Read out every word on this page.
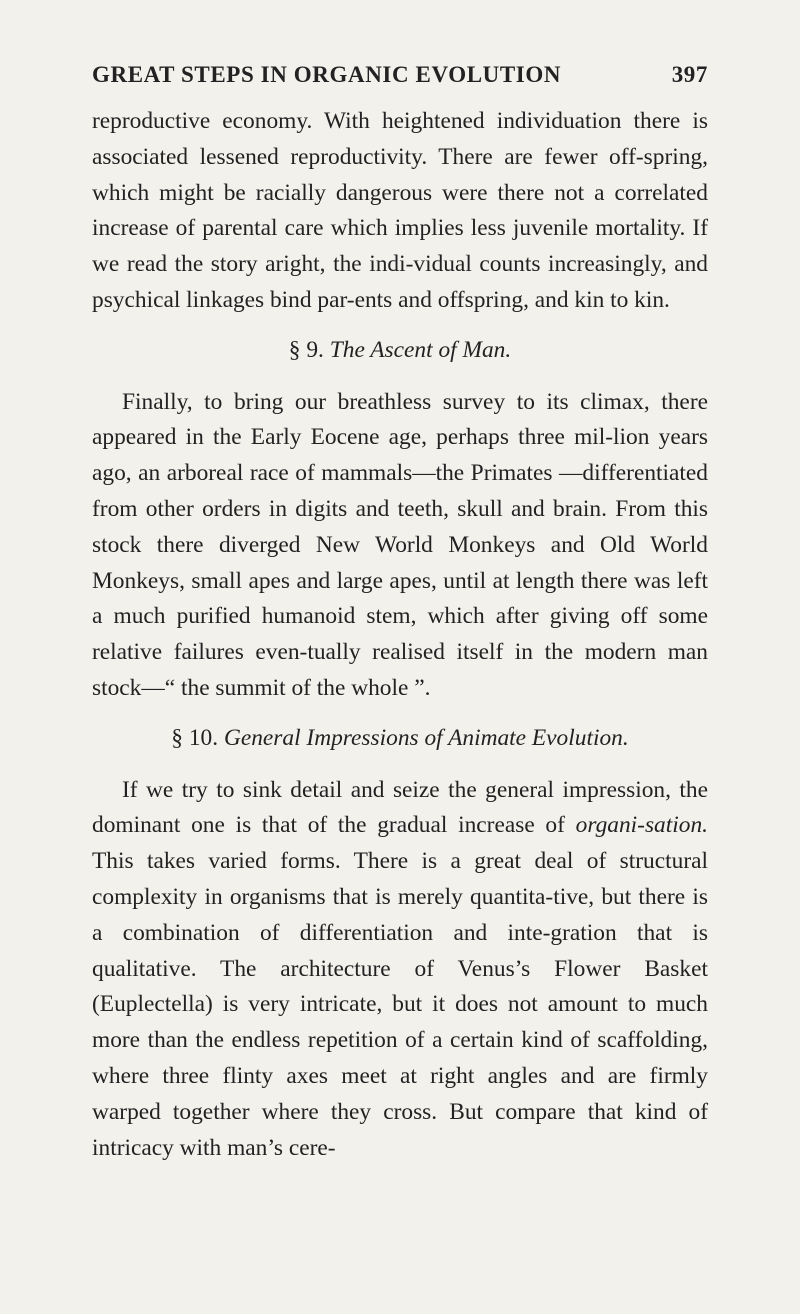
GREAT STEPS IN ORGANIC EVOLUTION	397

reproductive economy. With heightened individuation there is associated lessened reproductivity. There are fewer off-spring, which might be racially dangerous were there not a correlated increase of parental care which implies less juvenile mortality. If we read the story aright, the indi-vidual counts increasingly, and psychical linkages bind par-ents and offspring, and kin to kin.

§ 9. The Ascent of Man.

Finally, to bring our breathless survey to its climax, there appeared in the Early Eocene age, perhaps three mil-lion years ago, an arboreal race of mammals—the Primates —differentiated from other orders in digits and teeth, skull and brain. From this stock there diverged New World Monkeys and Old World Monkeys, small apes and large apes, until at length there was left a much purified humanoid stem, which after giving off some relative failures even-tually realised itself in the modern man stock—“ the summit of the whole ”.

§ 10. General Impressions of Animate Evolution.

If we try to sink detail and seize the general impression, the dominant one is that of the gradual increase of organi-sation. This takes varied forms. There is a great deal of structural complexity in organisms that is merely quantita-tive, but there is a combination of differentiation and inte-gration that is qualitative. The architecture of Venus’s Flower Basket (Euplectella) is very intricate, but it does not amount to much more than the endless repetition of a certain kind of scaffolding, where three flinty axes meet at right angles and are firmly warped together where they cross. But compare that kind of intricacy with man’s cere-
